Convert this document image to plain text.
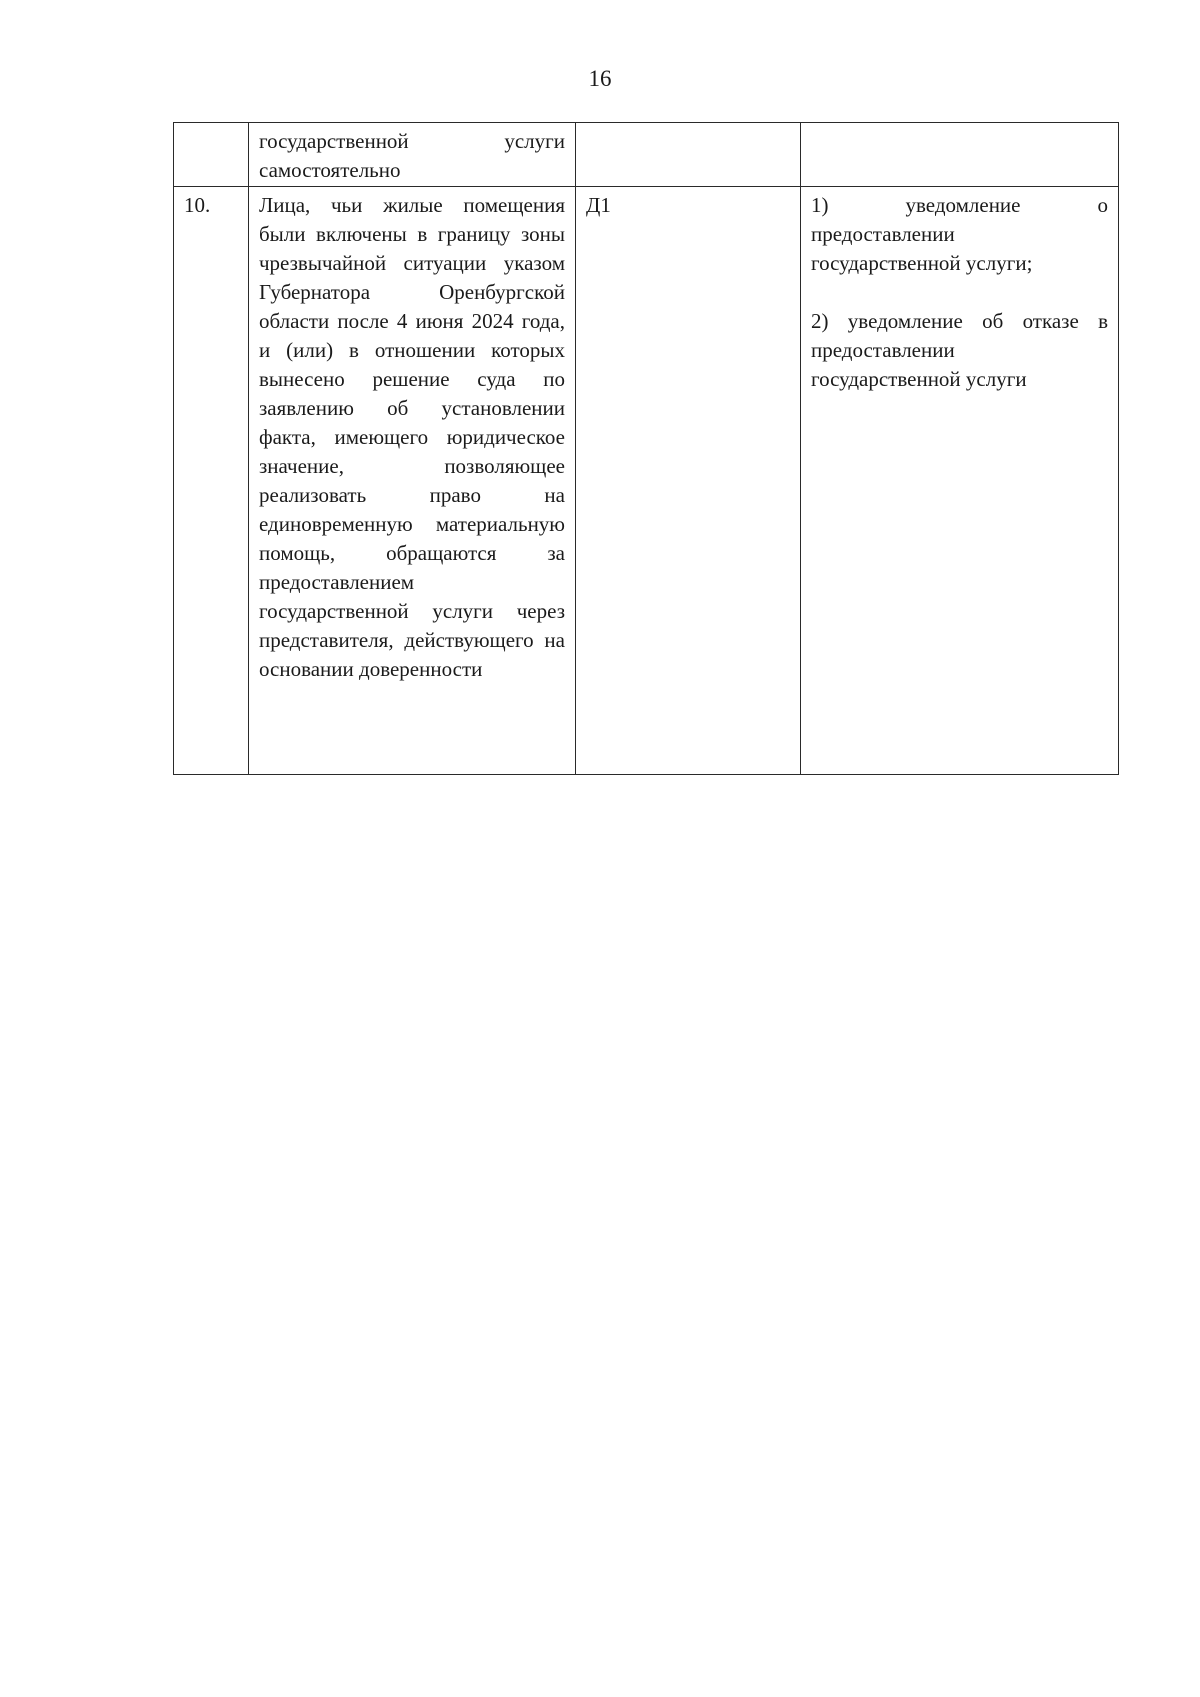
16
	государственной услуги самостоятельно		
10.	Лица, чьи жилые помещения были включены в границу зоны чрезвычайной ситуации указом Губернатора Оренбургской области после 4 июня 2024 года, и (или) в отношении которых вынесено решение суда по заявлению об установлении факта, имеющего юридическое значение, позволяющее реализовать право на единовременную материальную помощь, обращаются за предоставлением государственной услуги через представителя, действующего на основании доверенности	Д1	1) уведомление о предоставлении государственной услуги;
2) уведомление об отказе в предоставлении государственной услуги
